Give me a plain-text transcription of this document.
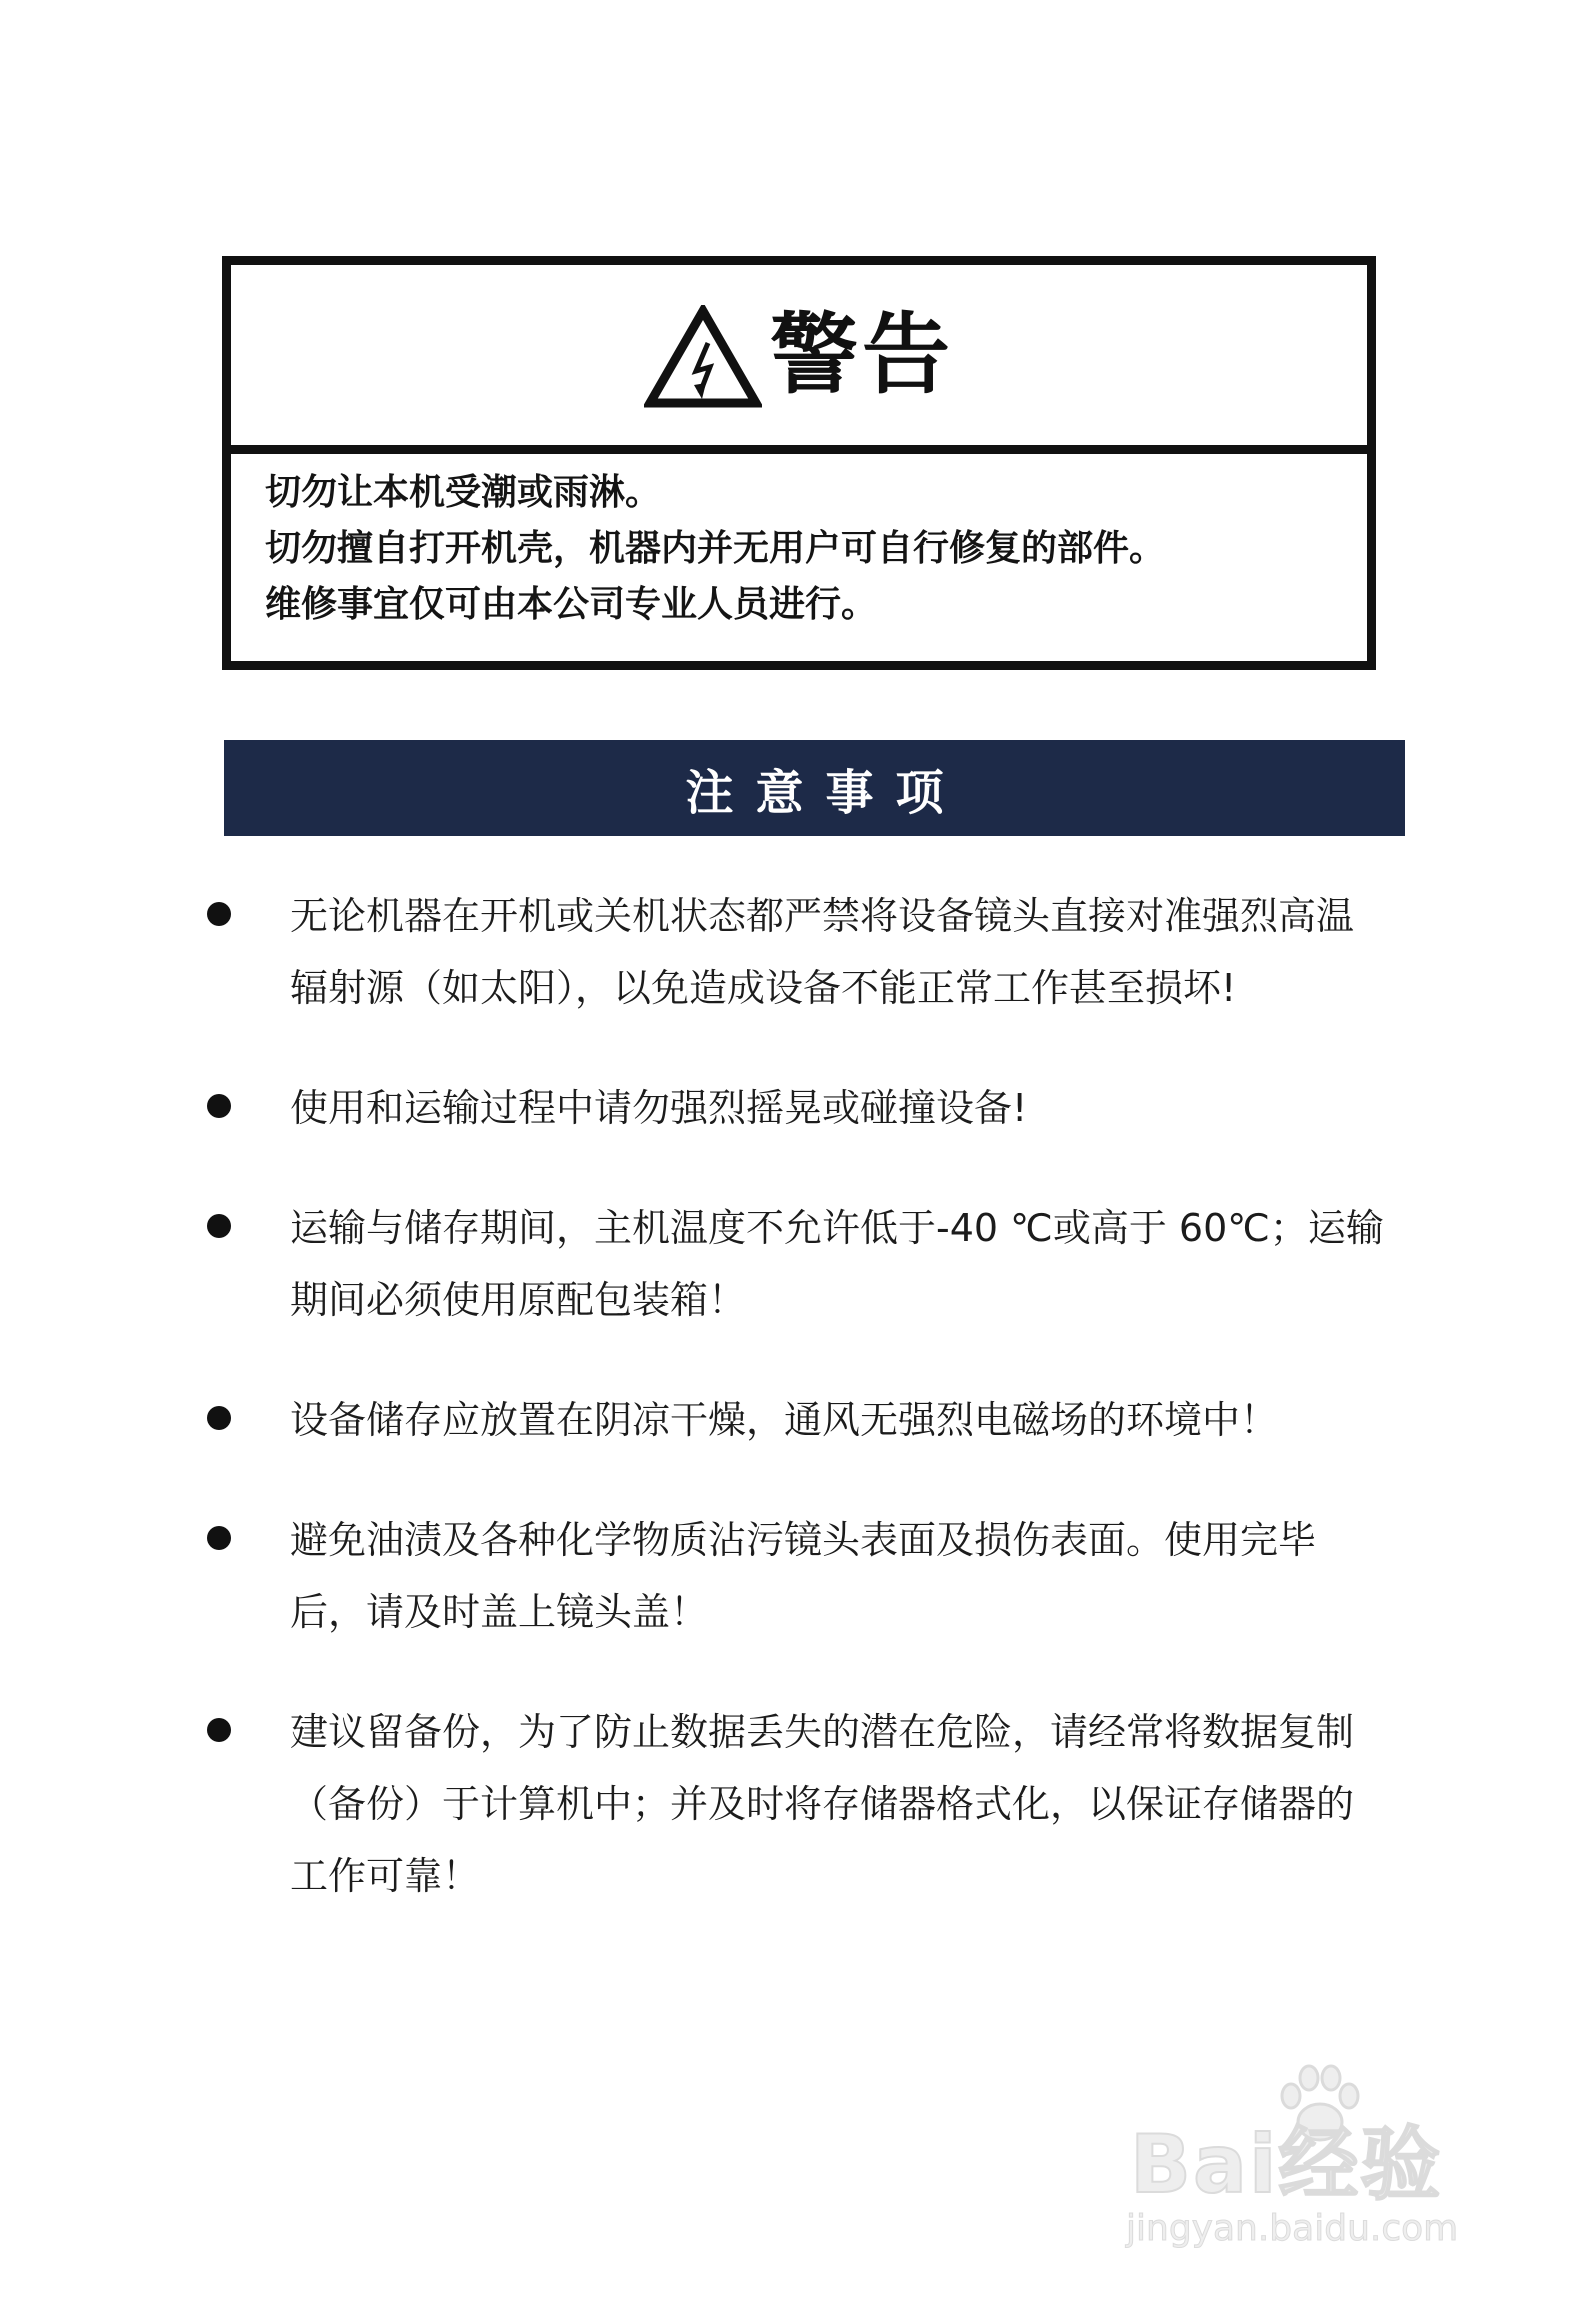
警告
切勿让本机受潮或雨淋。
切勿擅自打开机壳，机器内并无用户可自行修复的部件。
维修事宜仅可由本公司专业人员进行。
注意事项
无论机器在开机或关机状态都严禁将设备镜头直接对准强烈高温辐射源（如太阳），以免造成设备不能正常工作甚至损坏!
使用和运输过程中请勿强烈摇晃或碰撞设备!
运输与储存期间，主机温度不允许低于-40 ℃或高于 60℃；运输期间必须使用原配包装箱！
设备储存应放置在阴凉干燥，通风无强烈电磁场的环境中！
避免油渍及各种化学物质沾污镜头表面及损伤表面。使用完毕后，请及时盖上镜头盖！
建议留备份，为了防止数据丢失的潜在危险，请经常将数据复制（备份）于计算机中；并及时将存储器格式化，以保证存储器的工作可靠！
Bai经验
jingyan.baidu.com
